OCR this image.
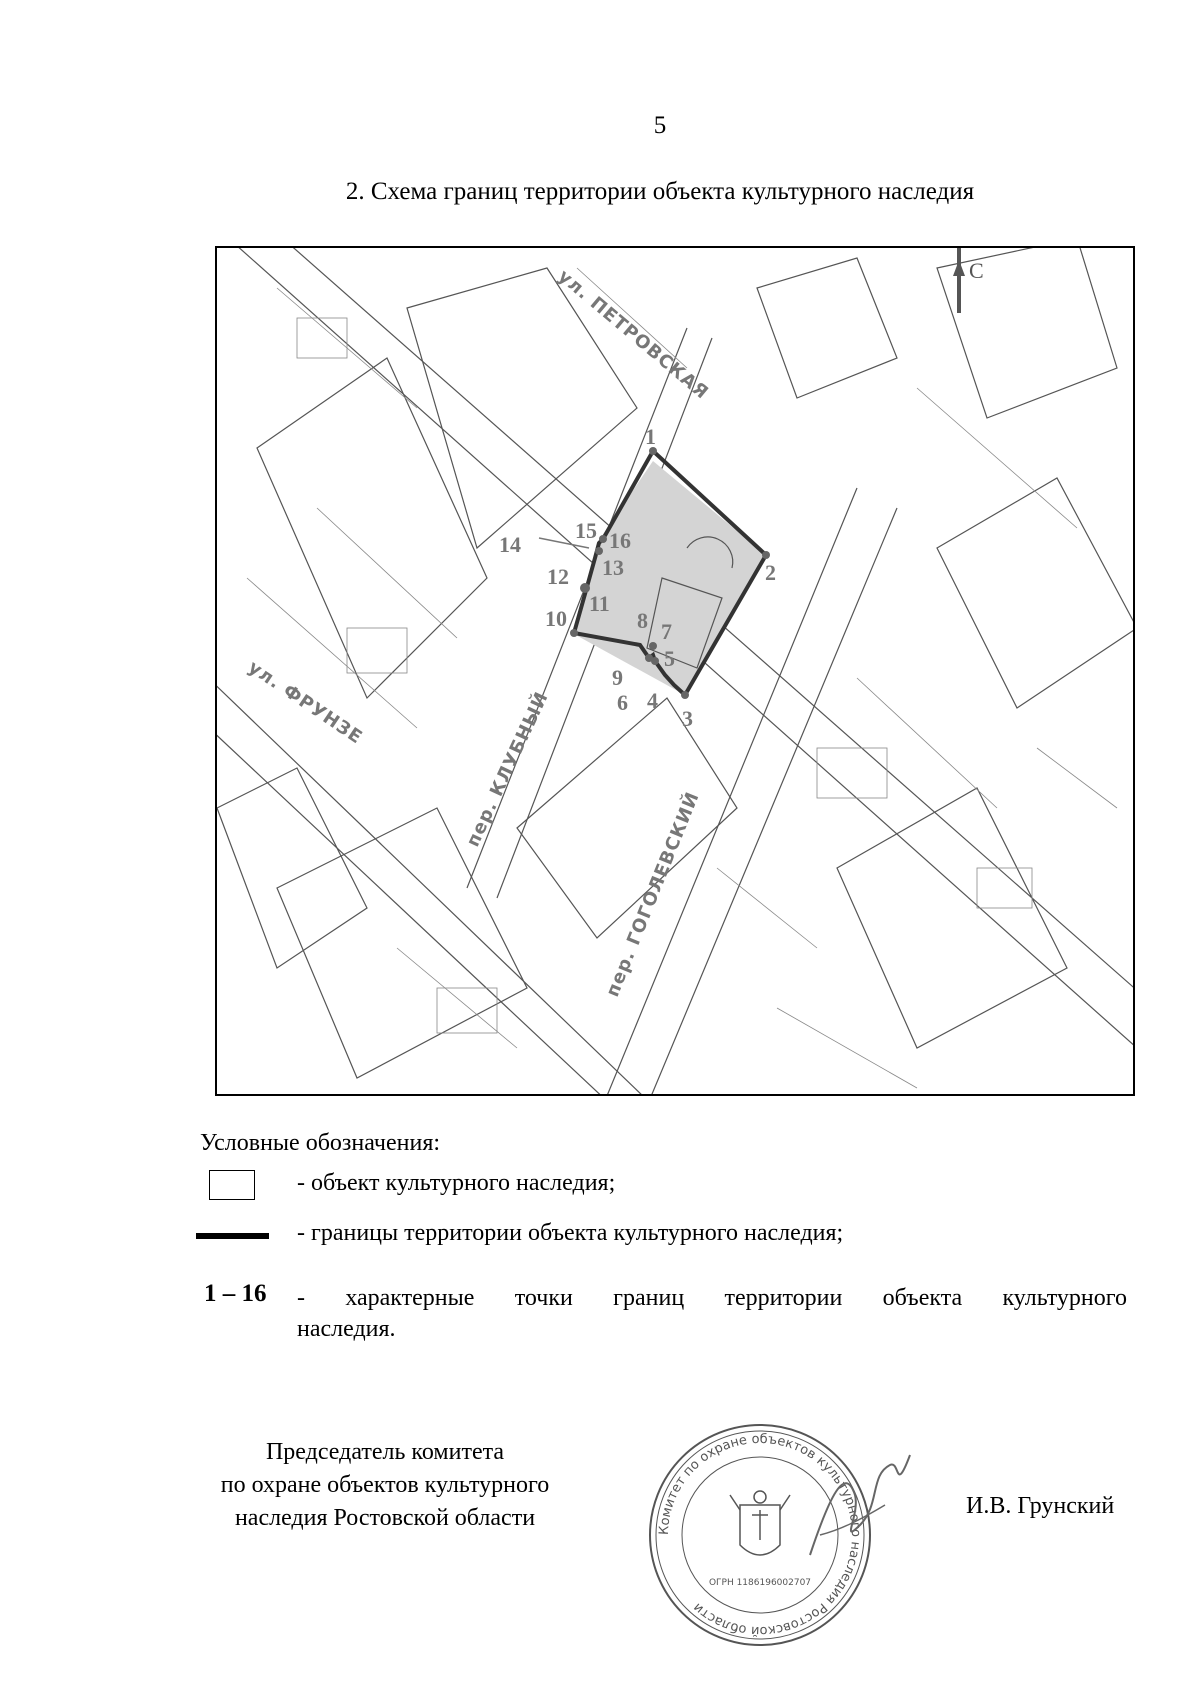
5
2. Схема границ территории объекта культурного наследия
С
ул. ПЕТРОВСКАЯ
ул. ФРУНЗЕ	пер. КЛУБНЫЙ
пер. ГОГОЛЕВСКИЙ
1
2
3
4
5
6
7
8
9
10
11
12 13
14
15 16
Условные обозначения:
- объект культурного наследия;
- границы территории объекта культурного наследия;
1 – 16 - характерные точки границ территории объекта культурного
наследия.
Председатель комитета
по охране объектов культурного
наследия Ростовской области	Комитет по охране объектов культурного наследия Ростовской области
ОГРН 1186196002707
И.В. Грунский
